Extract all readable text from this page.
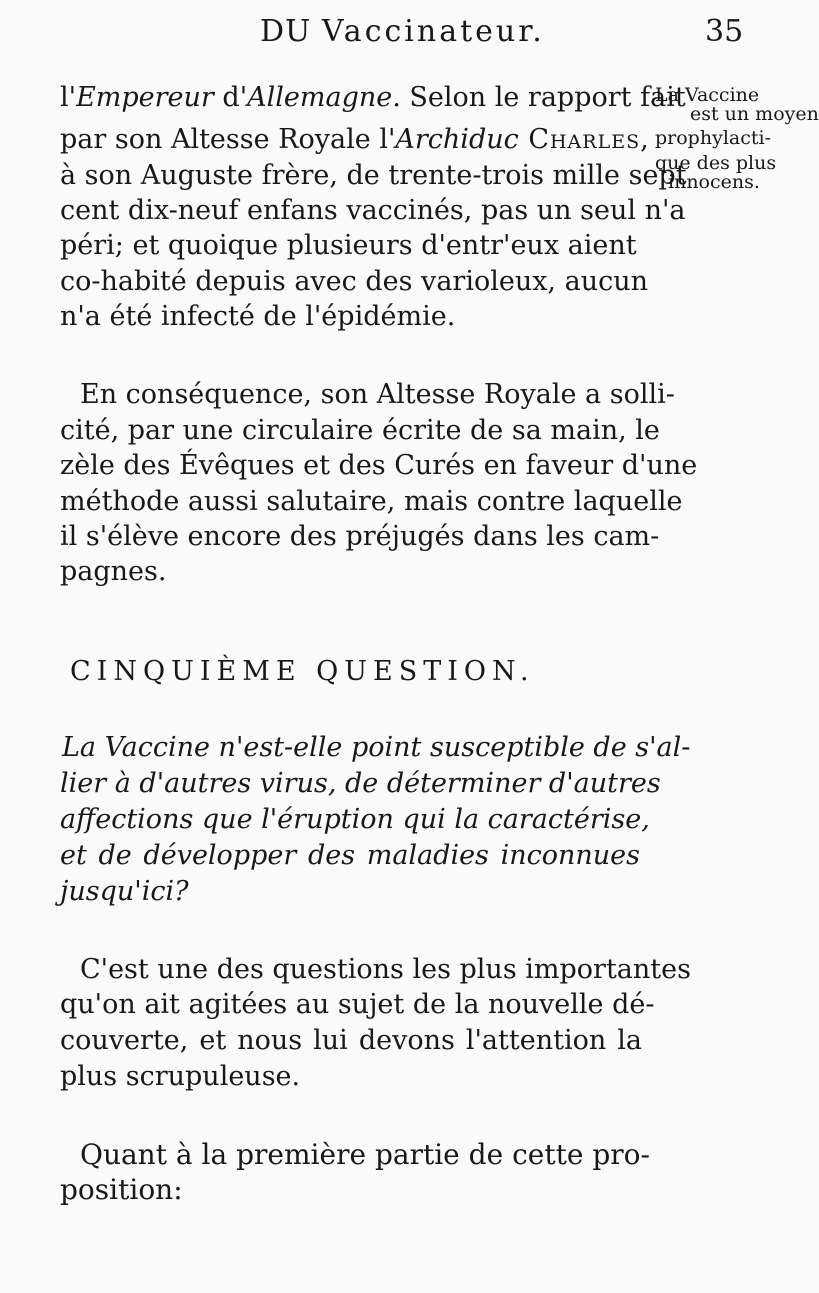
DU Vaccinateur.	35
La Vaccine
est un moyen
prophylacti-
que des plus
innocens.
l'Empereur d'Allemagne. Selon le rapport fait
par son Altesse Royale l'Archiduc Charles,
à son Auguste frère, de trente-trois mille sept
cent dix-neuf enfans vaccinés, pas un seul n'a
péri; et quoique plusieurs d'entr'eux aient
co-habité depuis avec des varioleux, aucun
n'a été infecté de l'épidémie.
En conséquence, son Altesse Royale a solli-
cité, par une circulaire écrite de sa main, le
zèle des Évêques et des Curés en faveur d'une
méthode aussi salutaire, mais contre laquelle
il s'élève encore des préjugés dans les cam-
pagnes.
CINQUIÈME QUESTION.
La Vaccine n'est-elle point susceptible de s'al-
lier à d'autres virus, de déterminer d'autres
affections que l'éruption qui la caractérise,
et de développer des maladies inconnues
jusqu'ici?
C'est une des questions les plus importantes
qu'on ait agitées au sujet de la nouvelle dé-
couverte, et nous lui devons l'attention la
plus scrupuleuse.
Quant à la première partie de cette pro-
position:
